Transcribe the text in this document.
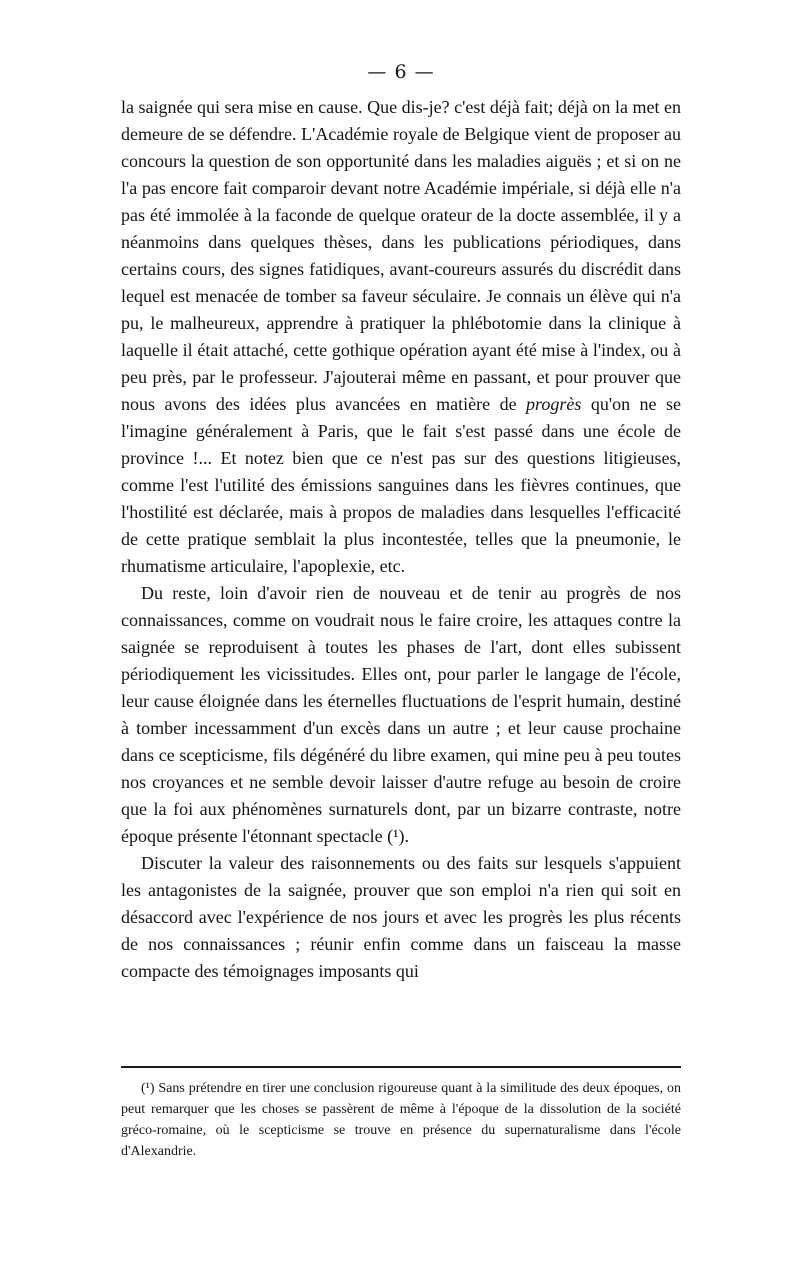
— 6 —

la saignée qui sera mise en cause. Que dis-je? c'est déjà fait; déjà on la met en demeure de se défendre. L'Académie royale de Belgique vient de proposer au concours la question de son opportunité dans les maladies aiguës ; et si on ne l'a pas encore fait comparoir devant notre Académie impériale, si déjà elle n'a pas été immolée à la faconde de quelque orateur de la docte assemblée, il y a néanmoins dans quelques thèses, dans les publications périodiques, dans certains cours, des signes fatidiques, avant-coureurs assurés du discrédit dans lequel est menacée de tomber sa faveur séculaire. Je connais un élève qui n'a pu, le malheureux, apprendre à pratiquer la phlébotomie dans la clinique à laquelle il était attaché, cette gothique opération ayant été mise à l'index, ou à peu près, par le professeur. J'ajouterai même en passant, et pour prouver que nous avons des idées plus avancées en matière de progrès qu'on ne se l'imagine généralement à Paris, que le fait s'est passé dans une école de province !... Et notez bien que ce n'est pas sur des questions litigieuses, comme l'est l'utilité des émissions sanguines dans les fièvres continues, que l'hostilité est déclarée, mais à propos de maladies dans lesquelles l'efficacité de cette pratique semblait la plus incontestée, telles que la pneumonie, le rhumatisme articulaire, l'apoplexie, etc.

Du reste, loin d'avoir rien de nouveau et de tenir au progrès de nos connaissances, comme on voudrait nous le faire croire, les attaques contre la saignée se reproduisent à toutes les phases de l'art, dont elles subissent périodiquement les vicissitudes. Elles ont, pour parler le langage de l'école, leur cause éloignée dans les éternelles fluctuations de l'esprit humain, destiné à tomber incessamment d'un excès dans un autre ; et leur cause prochaine dans ce scepticisme, fils dégénéré du libre examen, qui mine peu à peu toutes nos croyances et ne semble devoir laisser d'autre refuge au besoin de croire que la foi aux phénomènes surnaturels dont, par un bizarre contraste, notre époque présente l'étonnant spectacle (¹).

Discuter la valeur des raisonnements ou des faits sur lesquels s'appuient les antagonistes de la saignée, prouver que son emploi n'a rien qui soit en désaccord avec l'expérience de nos jours et avec les progrès les plus récents de nos connaissances ; réunir enfin comme dans un faisceau la masse compacte des témoignages imposants qui

(¹) Sans prétendre en tirer une conclusion rigoureuse quant à la similitude des deux époques, on peut remarquer que les choses se passèrent de même à l'époque de la dissolution de la société gréco-romaine, où le scepticisme se trouve en présence du supernaturalisme dans l'école d'Alexandrie.
